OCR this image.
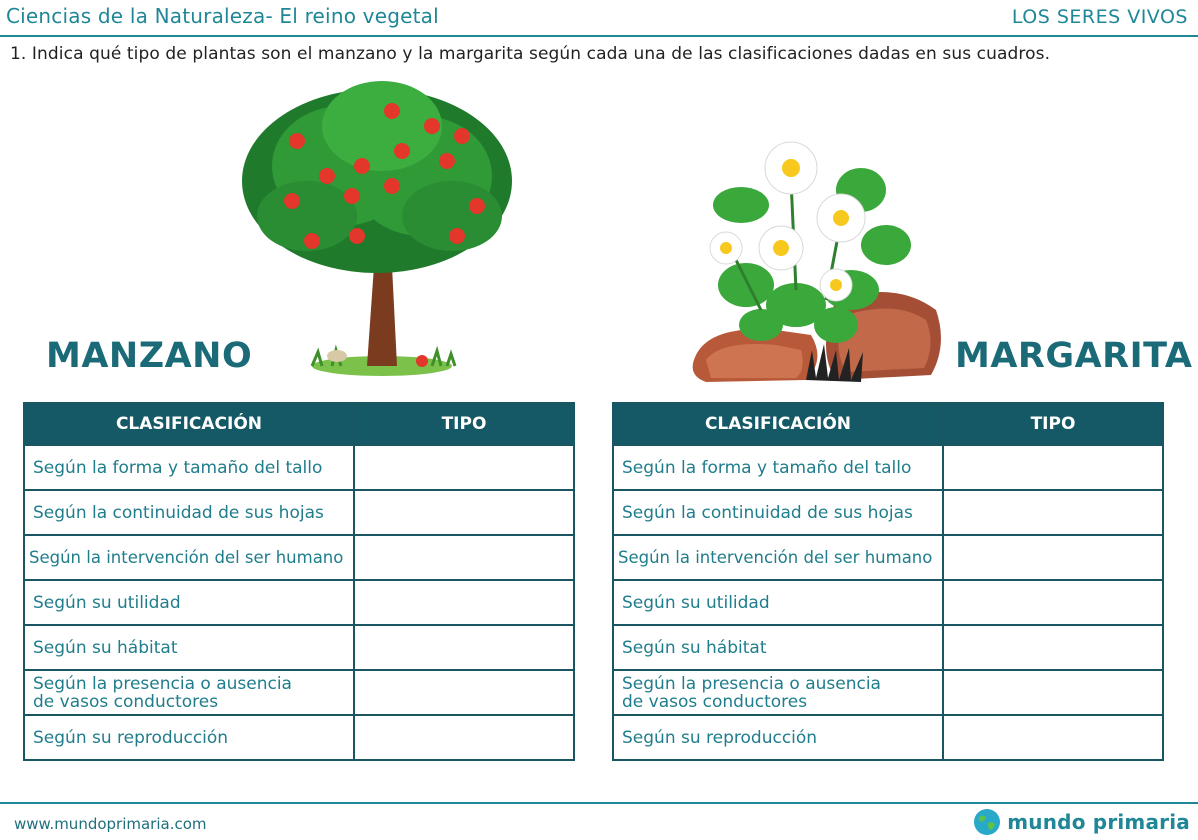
Ciencias de la Naturaleza- El reino vegetal	LOS SERES VIVOS
1. Indica qué tipo de plantas son el manzano y la margarita según cada una de las clasificaciones dadas en sus cuadros.
MANZANO	MARGARITA
CLASIFICACIÓN	TIPO
Según la forma y tamaño del tallo	
Según la continuidad de sus hojas	
Según la intervención del ser humano	
Según su utilidad	
Según su hábitat	
Según la presencia o ausencia
de vasos conductores	
Según su reproducción	
CLASIFICACIÓN	TIPO
Según la forma y tamaño del tallo	
Según la continuidad de sus hojas	
Según la intervención del ser humano	
Según su utilidad	
Según su hábitat	
Según la presencia o ausencia
de vasos conductores	
Según su reproducción	
www.mundoprimaria.com	mundo primaria
